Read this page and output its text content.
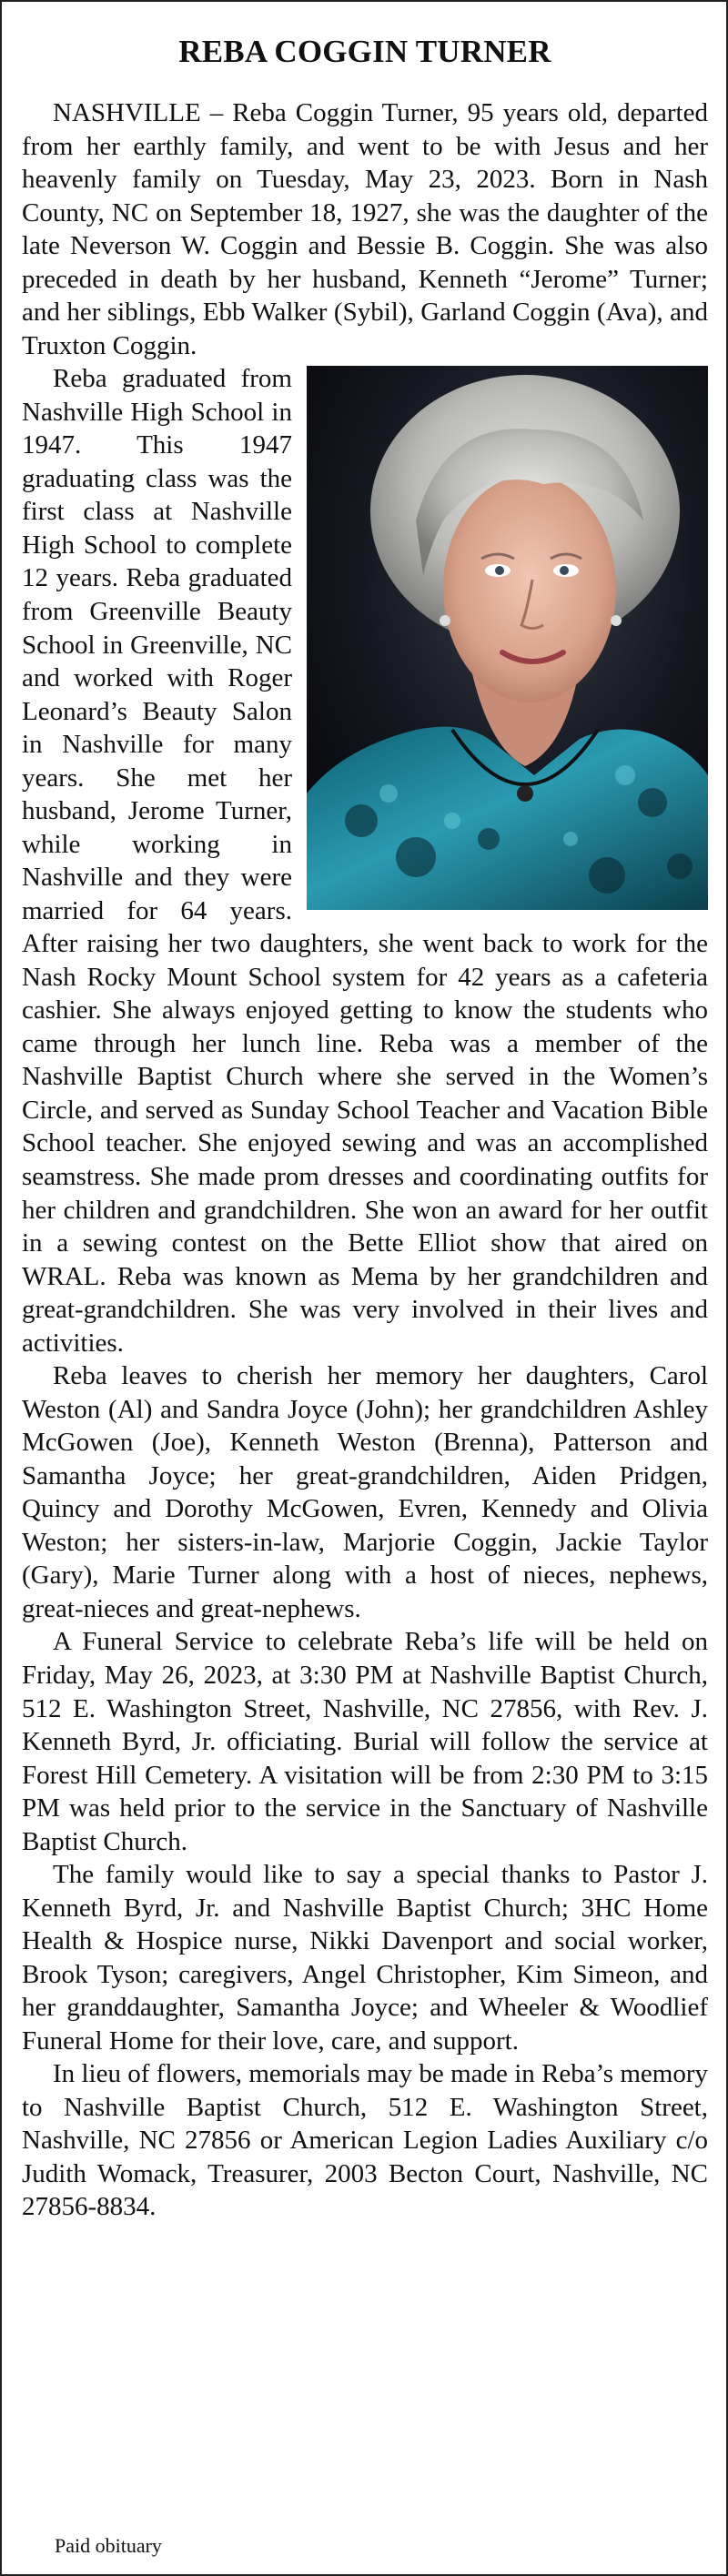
REBA COGGIN TURNER

NASHVILLE – Reba Coggin Turner, 95 years old, departed from her earthly family, and went to be with Jesus and her heavenly family on Tuesday, May 23, 2023. Born in Nash County, NC on September 18, 1927, she was the daughter of the late Neverson W. Coggin and Bessie B. Coggin. She was also preceded in death by her husband, Kenneth “Jerome” Turner; and her siblings, Ebb Walker (Sybil), Garland Coggin (Ava), and Truxton Coggin.

Reba graduated from Nashville High School in 1947. This 1947 graduating class was the first class at Nashville High School to complete 12 years. Reba graduated from Greenville Beauty School in Greenville, NC and worked with Roger Leonard’s Beauty Salon in Nashville for many years. She met her husband, Jerome Turner, while working in Nashville and they were married for 64 years. After raising her two daughters, she went back to work for the Nash Rocky Mount School system for 42 years as a cafeteria cashier. She always enjoyed getting to know the students who came through her lunch line. Reba was a member of the Nashville Baptist Church where she served in the Women’s Circle, and served as Sunday School Teacher and Vacation Bible School teacher. She enjoyed sewing and was an accomplished seamstress. She made prom dresses and coordinating outfits for her children and grandchildren. She won an award for her outfit in a sewing contest on the Bette Elliot show that aired on WRAL. Reba was known as Mema by her grandchildren and great-grandchildren. She was very involved in their lives and activities.

Reba leaves to cherish her memory her daughters, Carol Weston (Al) and Sandra Joyce (John); her grandchildren Ashley McGowen (Joe), Kenneth Weston (Brenna), Patterson and Samantha Joyce; her great-grandchildren, Aiden Pridgen, Quincy and Dorothy McGowen, Evren, Kennedy and Olivia Weston; her sisters-in-law, Marjorie Coggin, Jackie Taylor (Gary), Marie Turner along with a host of nieces, nephews, great-nieces and great-nephews.

A Funeral Service to celebrate Reba’s life will be held on Friday, May 26, 2023, at 3:30 PM at Nashville Baptist Church, 512 E. Washington Street, Nashville, NC 27856, with Rev. J. Kenneth Byrd, Jr. officiating. Burial will follow the service at Forest Hill Cemetery. A visitation will be from 2:30 PM to 3:15 PM was held prior to the service in the Sanctuary of Nashville Baptist Church.

The family would like to say a special thanks to Pastor J. Kenneth Byrd, Jr. and Nashville Baptist Church; 3HC Home Health & Hospice nurse, Nikki Davenport and social worker, Brook Tyson; caregivers, Angel Christopher, Kim Simeon, and her granddaughter, Samantha Joyce; and Wheeler & Woodlief Funeral Home for their love, care, and support.

In lieu of flowers, memorials may be made in Reba’s memory to Nashville Baptist Church, 512 E. Washington Street, Nashville, NC 27856 or American Legion Ladies Auxiliary c/o Judith Womack, Treasurer, 2003 Becton Court, Nashville, NC 27856-8834.

Paid obituary
